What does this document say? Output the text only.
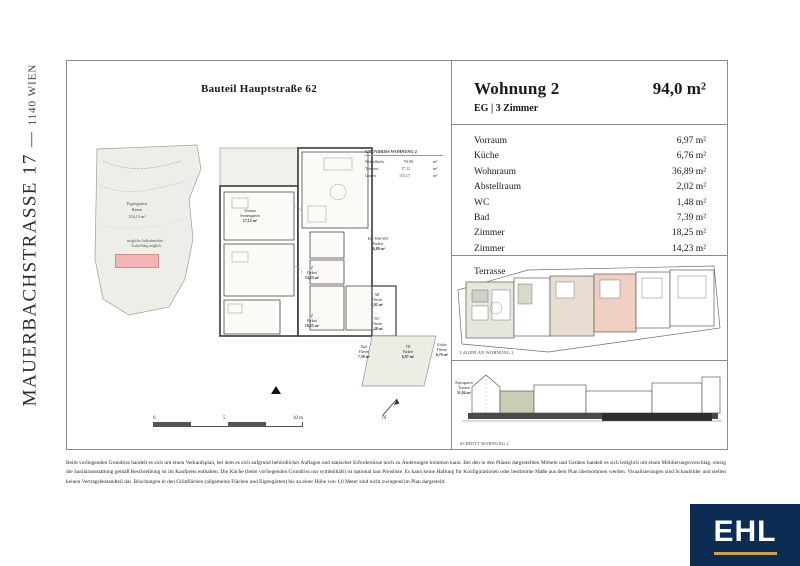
MAUERBACHSTRASSE 17 — 1140 WIEN	Bauteil Hauptstraße 62
Eigengarten
Rasen
104,13 m²
mögliche Außenbereiche /
Aufstellung möglich
Terrasse
Sonnengarten
17,12 m²
KO- ESS-WO
Parkett
36,89 m²
Z
Parkett
14,23 m²
Z
Parkett
18,25 m²
AR
Fliesen
2,02 m²
WC
Fliesen
1,48 m²
Bad
Fliesen
7,39 m²
VR
Parkett
6,97 m²
Küche
Fliesen
6,76 m²
Eigengarten
Terrasse
11,04 m²
GRUNDRISS WOHNUNG 2
Wohnfläche	93,98	m²
Terrasse	17,12	m²
Garten	115,17	m²
0	5	10 m	N
Wohnung 2	94,0 m²
EG | 3 Zimmer
Vorraum	6,97 m²
Küche	6,76 m²
Wohnraum	36,89 m²
Abstellraum	2,02 m²
WC	1,48 m²
Bad	7,39 m²
Zimmer	18,25 m²
Zimmer	14,23 m²
Terrasse
LAGEPLAN WOHNUNG 2
SCHNITT WOHNUNG 2
Beim vorliegenden Grundriss handelt es sich um einen Verkaufsplan, bei dem es sich aufgrund behördlicher Auflagen und statischer Erfordernisse noch zu Änderungen kommen kann. Bei den in den Plänen dargestellten Möbeln und Geräten handelt es sich lediglich um einen Möblierungsvorschlag, einzig die Sanitärausstattung gemäß Beschreibung ist im Kaufpreis enthalten. Die Küche (beim vorliegenden Grundriss nur symbolhaft) ist optional laut Preisliste. Es kann keine Haftung für Konfigurationen oder bestimmte Maße aus dem Plan übernommen werden. Visualisierungen sind Schaubilder und stellen keinen Vertragsbestandteil dar. Böschungen in den Grünflächen (allgemeine Flächen und Eigengärten) bis zu einer Höhe von 1,0 Meter sind nicht zwingend im Plan dargestellt.
EHL
